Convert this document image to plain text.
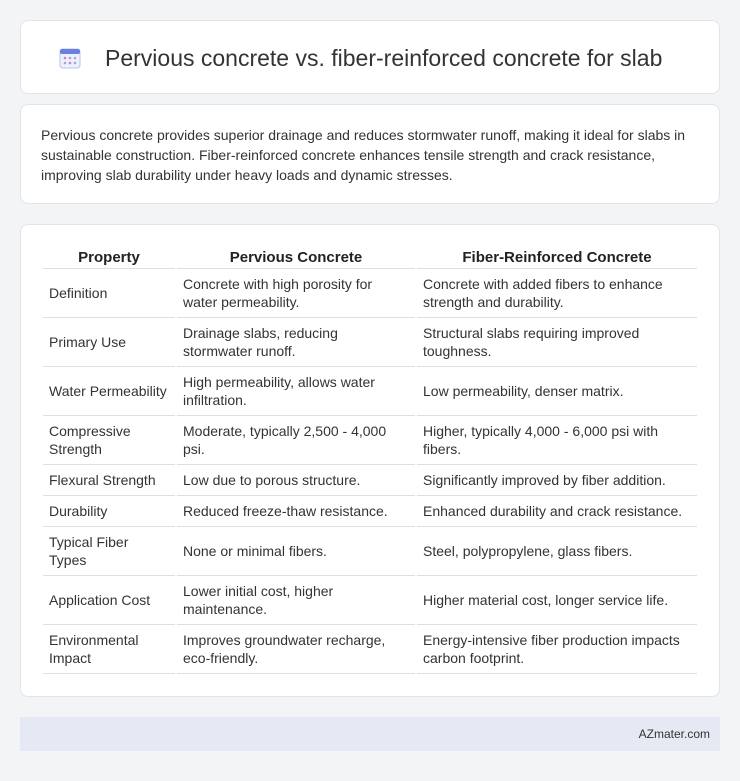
Pervious concrete vs. fiber-reinforced concrete for slab

Pervious concrete provides superior drainage and reduces stormwater runoff, making it ideal for slabs in sustainable construction. Fiber-reinforced concrete enhances tensile strength and crack resistance, improving slab durability under heavy loads and dynamic stresses.

Property	Pervious Concrete	Fiber-Reinforced Concrete
Definition	Concrete with high porosity for water permeability.	Concrete with added fibers to enhance strength and durability.
Primary Use	Drainage slabs, reducing stormwater runoff.	Structural slabs requiring improved toughness.
Water Permeability	High permeability, allows water infiltration.	Low permeability, denser matrix.
Compressive Strength	Moderate, typically 2,500 - 4,000 psi.	Higher, typically 4,000 - 6,000 psi with fibers.
Flexural Strength	Low due to porous structure.	Significantly improved by fiber addition.
Durability	Reduced freeze-thaw resistance.	Enhanced durability and crack resistance.
Typical Fiber Types	None or minimal fibers.	Steel, polypropylene, glass fibers.
Application Cost	Lower initial cost, higher maintenance.	Higher material cost, longer service life.
Environmental Impact	Improves groundwater recharge, eco-friendly.	Energy-intensive fiber production impacts carbon footprint.
AZmater.com
